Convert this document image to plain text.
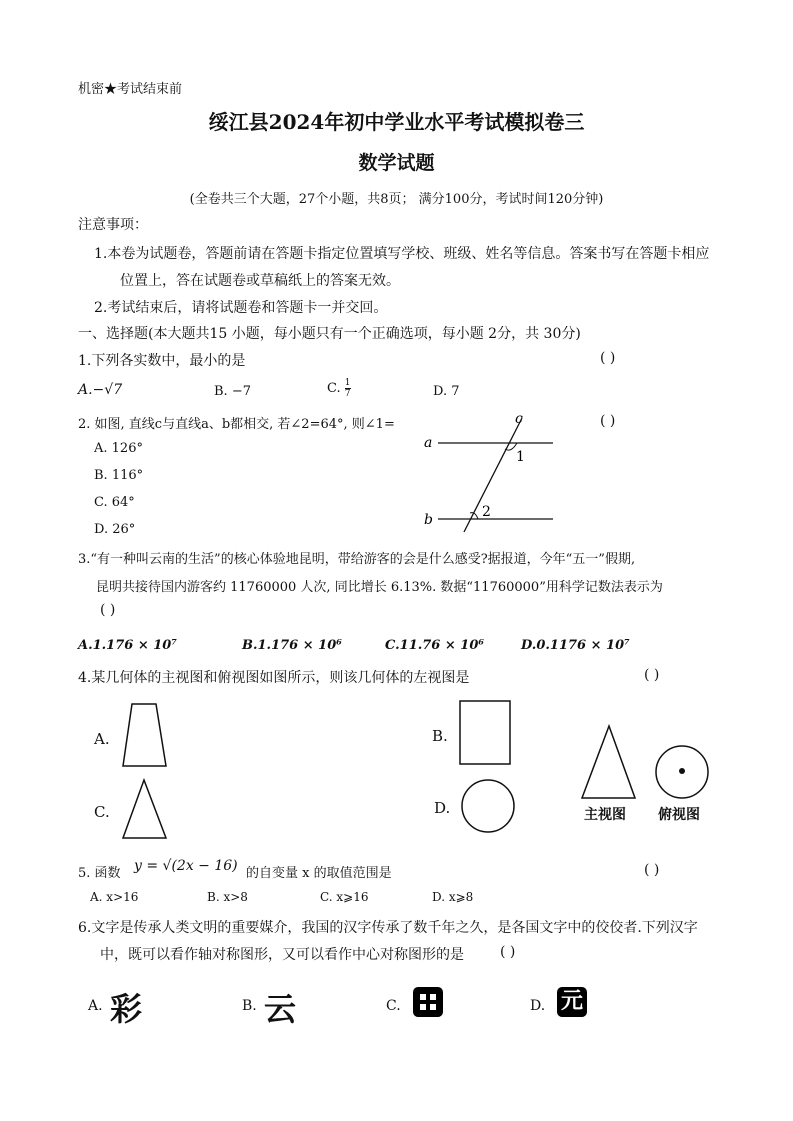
机密★考试结束前
绥江县2024年初中学业水平考试模拟卷三
数学试题
(全卷共三个大题，27个小题，共8页； 满分100分，考试时间120分钟)
注意事项：
1.本卷为试题卷，答题前请在答题卡指定位置填写学校、班级、姓名等信息。答案书写在答题卡相应
位置上，答在试题卷或草稿纸上的答案无效。
2.考试结束后，请将试题卷和答题卡一并交回。
一、选择题(本大题共15 小题，每小题只有一个正确选项，每小题 2分，共 30分)
1.下列各实数中，最小的是	( )
A.−√7	B. −7	C. $\frac{1}{7}$	D. 7
2. 如图, 直线c与直线a、b都相交, 若∠2=64°, 则∠1=	( )
A. 126°
B. 116°
C. 64°
D. 26°
a
b
c
1
2
3.“有一种叫云南的生活”的核心体验地昆明，带给游客的会是什么感受?据报道，今年“五一”假期,
昆明共接待国内游客约 11760000 人次, 同比增长 6.13%. 数据“11760000”用科学记数法表示为
( )
A.1.176 × 10⁷	B.1.176 × 10⁶	C.11.76 × 10⁶	D.0.1176 × 10⁷
4.某几何体的主视图和俯视图如图所示，则该几何体的左视图是	( )
A.	B.
C.	D.	主视图 俯视图
5. 函数 y = √(2x − 16) 的自变量 x 的取值范围是	( )
A. x>16	B. x>8	C. x⩾16	D. x⩾8
6.文字是传承人类文明的重要媒介，我国的汉字传承了数千年之久，是各国文字中的佼佼者.下列汉字
中，既可以看作轴对称图形，又可以看作中心对称图形的是	( )
A. 彩	B. 云	C.	D. 元
